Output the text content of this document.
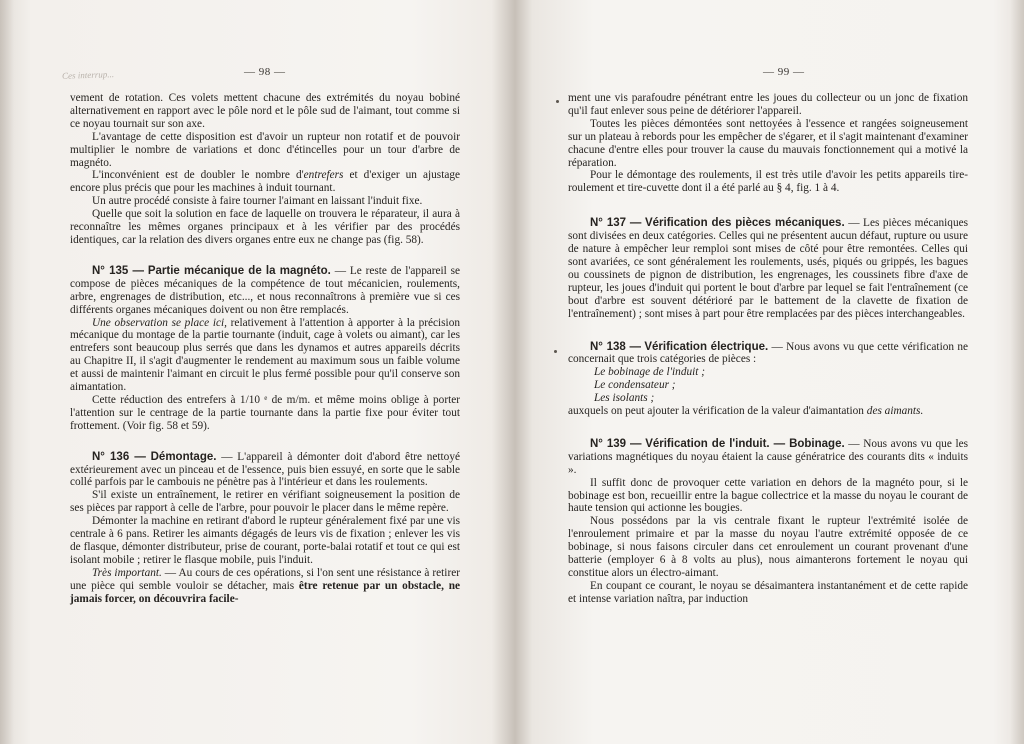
Ces interrup...	— 98 —

vement de rotation. Ces volets mettent chacune des extrémités du noyau bobiné alternativement en rapport avec le pôle nord et le pôle sud de l'aimant, tout comme si ce noyau tournait sur son axe.

L'avantage de cette disposition est d'avoir un rupteur non rotatif et de pouvoir multiplier le nombre de variations et donc d'étincelles pour un tour d'arbre de magnéto.

L'inconvénient est de doubler le nombre d'entrefers et d'exiger un ajustage encore plus précis que pour les machines à induit tournant.

Un autre procédé consiste à faire tourner l'aimant en laissant l'induit fixe.

Quelle que soit la solution en face de laquelle on trouvera le réparateur, il aura à reconnaître les mêmes organes principaux et à les vérifier par des procédés identiques, car la relation des divers organes entre eux ne change pas (fig. 58).

N° 135 — Partie mécanique de la magnéto. — Le reste de l'appareil se compose de pièces mécaniques de la compétence de tout mécanicien, roulements, arbre, engrenages de distribution, etc..., et nous reconnaîtrons à première vue si ces différents organes mécaniques doivent ou non être remplacés.

Une observation se place ici, relativement à l'attention à apporter à la précision mécanique du montage de la partie tournante (induit, cage à volets ou aimant), car les entrefers sont beaucoup plus serrés que dans les dynamos et autres appareils décrits au Chapitre II, il s'agit d'augmenter le rendement au maximum sous un faible volume et aussi de maintenir l'aimant en circuit le plus fermé possible pour qu'il conserve son aimantation.

Cette réduction des entrefers à 1/10 ᵉ de m/m. et même moins oblige à porter l'attention sur le centrage de la partie tournante dans la partie fixe pour éviter tout frottement. (Voir fig. 58 et 59).

N° 136 — Démontage. — L'appareil à démonter doit d'abord être nettoyé extérieurement avec un pinceau et de l'essence, puis bien essuyé, en sorte que le sable collé parfois par le cambouis ne pénètre pas à l'intérieur et dans les roulements.

S'il existe un entraînement, le retirer en vérifiant soigneusement la position de ses pièces par rapport à celle de l'arbre, pour pouvoir le placer dans le même repère.

Démonter la machine en retirant d'abord le rupteur généralement fixé par une vis centrale à 6 pans. Retirer les aimants dégagés de leurs vis de fixation ; enlever les vis de flasque, démonter distributeur, prise de courant, porte-balai rotatif et tout ce qui est isolant mobile ; retirer le flasque mobile, puis l'induit.

Très important. — Au cours de ces opérations, si l'on sent une résistance à retirer une pièce qui semble vouloir se détacher, mais être retenue par un obstacle, ne jamais forcer, on découvrira facile-

— 99 —

ment une vis parafoudre pénétrant entre les joues du collecteur ou un jonc de fixation qu'il faut enlever sous peine de détériorer l'appareil.

Toutes les pièces démontées sont nettoyées à l'essence et rangées soigneusement sur un plateau à rebords pour les empêcher de s'égarer, et il s'agit maintenant d'examiner chacune d'entre elles pour trouver la cause du mauvais fonctionnement qui a motivé la réparation.

Pour le démontage des roulements, il est très utile d'avoir les petits appareils tire-roulement et tire-cuvette dont il a été parlé au § 4, fig. 1 à 4.

N° 137 — Vérification des pièces mécaniques. — Les pièces mécaniques sont divisées en deux catégories. Celles qui ne présentent aucun défaut, rupture ou usure de nature à empêcher leur remploi sont mises de côté pour être remontées. Celles qui sont avariées, ce sont généralement les roulements, usés, piqués ou grippés, les bagues ou coussinets de pignon de distribution, les engrenages, les coussinets fibre d'axe de rupteur, les joues d'induit qui portent le bout d'arbre par lequel se fait l'entraînement (ce bout d'arbre est souvent détérioré par le battement de la clavette de fixation de l'entraînement) ; sont mises à part pour être remplacées par des pièces interchangeables.

N° 138 — Vérification électrique. — Nous avons vu que cette vérification ne concernait que trois catégories de pièces :

Le bobinage de l'induit ;
Le condensateur ;
Les isolants ;

auxquels on peut ajouter la vérification de la valeur d'aimantation des aimants.

N° 139 — Vérification de l'induit. — Bobinage. — Nous avons vu que les variations magnétiques du noyau étaient la cause génératrice des courants dits « induits ».

Il suffit donc de provoquer cette variation en dehors de la magnéto pour, si le bobinage est bon, recueillir entre la bague collectrice et la masse du noyau le courant de haute tension qui actionne les bougies.

Nous possédons par la vis centrale fixant le rupteur l'extrémité isolée de l'enroulement primaire et par la masse du noyau l'autre extrémité opposée de ce bobinage, si nous faisons circuler dans cet enroulement un courant provenant d'une batterie (employer 6 à 8 volts au plus), nous aimanterons fortement le noyau qui constitue alors un électro-aimant.

En coupant ce courant, le noyau se désaimantera instantanément et de cette rapide et intense variation naîtra, par induction
